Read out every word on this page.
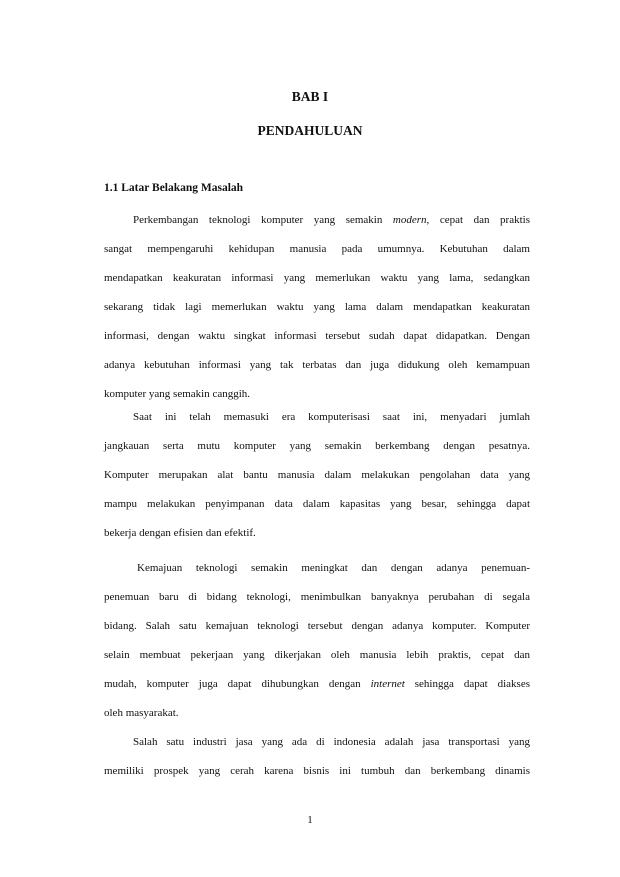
BAB I
PENDAHULUAN
1.1 Latar Belakang Masalah

Perkembangan teknologi komputer yang semakin modern, cepat dan praktis

sangat mempengaruhi kehidupan manusia pada umumnya. Kebutuhan dalam

mendapatkan keakuratan informasi yang memerlukan waktu yang lama, sedangkan

sekarang tidak lagi memerlukan waktu yang lama dalam mendapatkan keakuratan

informasi, dengan waktu singkat informasi tersebut sudah dapat didapatkan. Dengan

adanya kebutuhan informasi yang tak terbatas dan juga didukung oleh kemampuan

komputer yang semakin canggih.

Saat ini telah memasuki era komputerisasi saat ini, menyadari jumlah

jangkauan serta mutu komputer yang semakin berkembang dengan pesatnya.

Komputer merupakan alat bantu manusia dalam melakukan pengolahan data yang

mampu melakukan penyimpanan data dalam kapasitas yang besar, sehingga dapat

bekerja dengan efisien dan efektif.

Kemajuan teknologi semakin meningkat dan dengan adanya penemuan-

penemuan baru di bidang teknologi, menimbulkan banyaknya perubahan di segala

bidang. Salah satu kemajuan teknologi tersebut dengan adanya komputer. Komputer

selain membuat pekerjaan yang dikerjakan oleh manusia lebih praktis, cepat dan

mudah, komputer juga dapat dihubungkan dengan internet sehingga dapat diakses

oleh masyarakat.

Salah satu industri jasa yang ada di indonesia adalah jasa transportasi yang

memiliki prospek yang cerah karena bisnis ini tumbuh dan berkembang dinamis

1
